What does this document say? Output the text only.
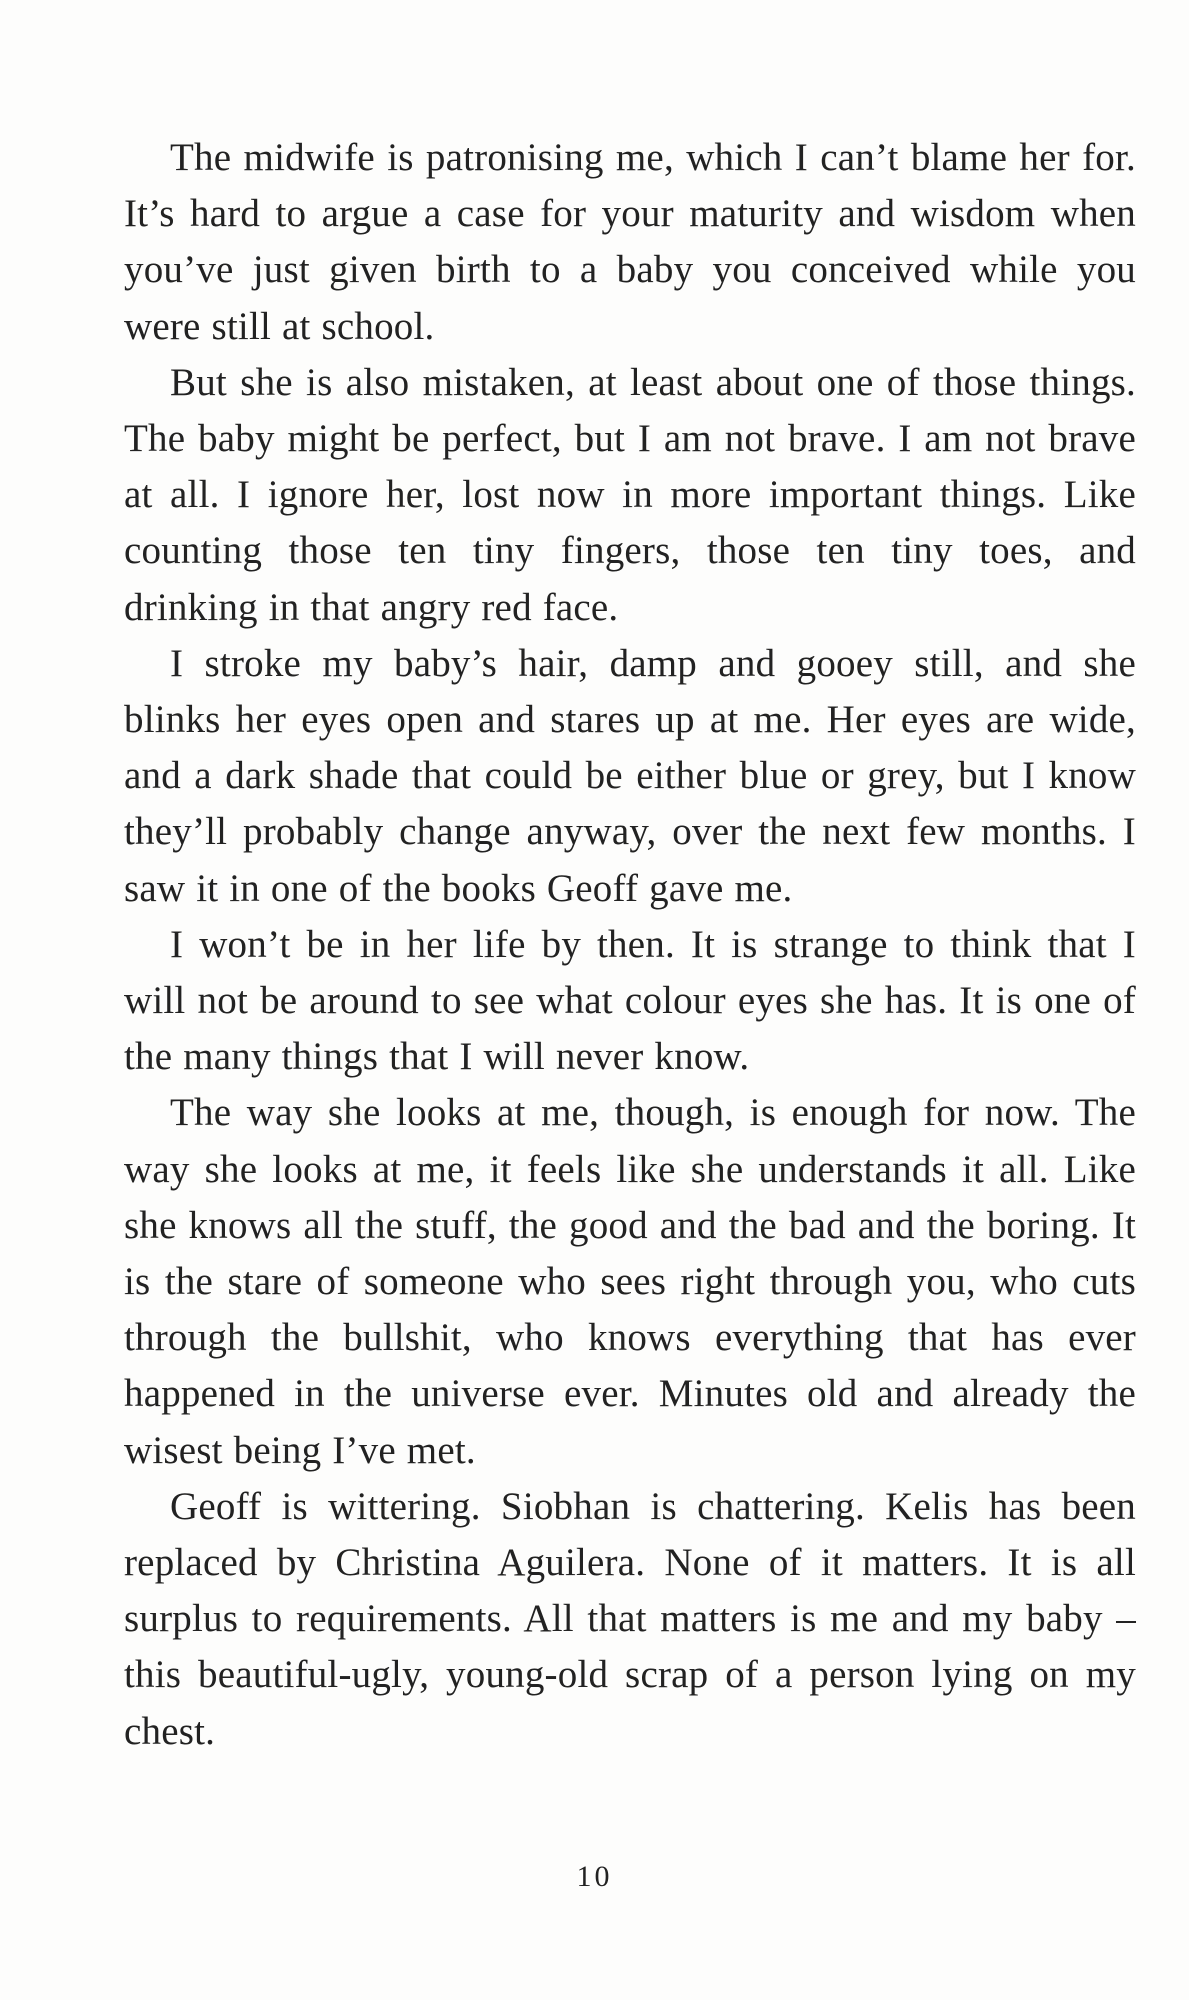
The midwife is patronising me, which I can’t blame her for. It’s hard to argue a case for your maturity and wisdom when you’ve just given birth to a baby you conceived while you were still at school.

But she is also mistaken, at least about one of those things. The baby might be perfect, but I am not brave. I am not brave at all. I ignore her, lost now in more important things. Like counting those ten tiny fingers, those ten tiny toes, and drinking in that angry red face.

I stroke my baby’s hair, damp and gooey still, and she blinks her eyes open and stares up at me. Her eyes are wide, and a dark shade that could be either blue or grey, but I know they’ll probably change anyway, over the next few months. I saw it in one of the books Geoff gave me.

I won’t be in her life by then. It is strange to think that I will not be around to see what colour eyes she has. It is one of the many things that I will never know.

The way she looks at me, though, is enough for now. The way she looks at me, it feels like she understands it all. Like she knows all the stuff, the good and the bad and the boring. It is the stare of someone who sees right through you, who cuts through the bullshit, who knows everything that has ever happened in the universe ever. Minutes old and already the wisest being I’ve met.

Geoff is wittering. Siobhan is chattering. Kelis has been replaced by Christina Aguilera. None of it matters. It is all surplus to requirements. All that matters is me and my baby – this beautiful-ugly, young-old scrap of a person lying on my chest.

10
